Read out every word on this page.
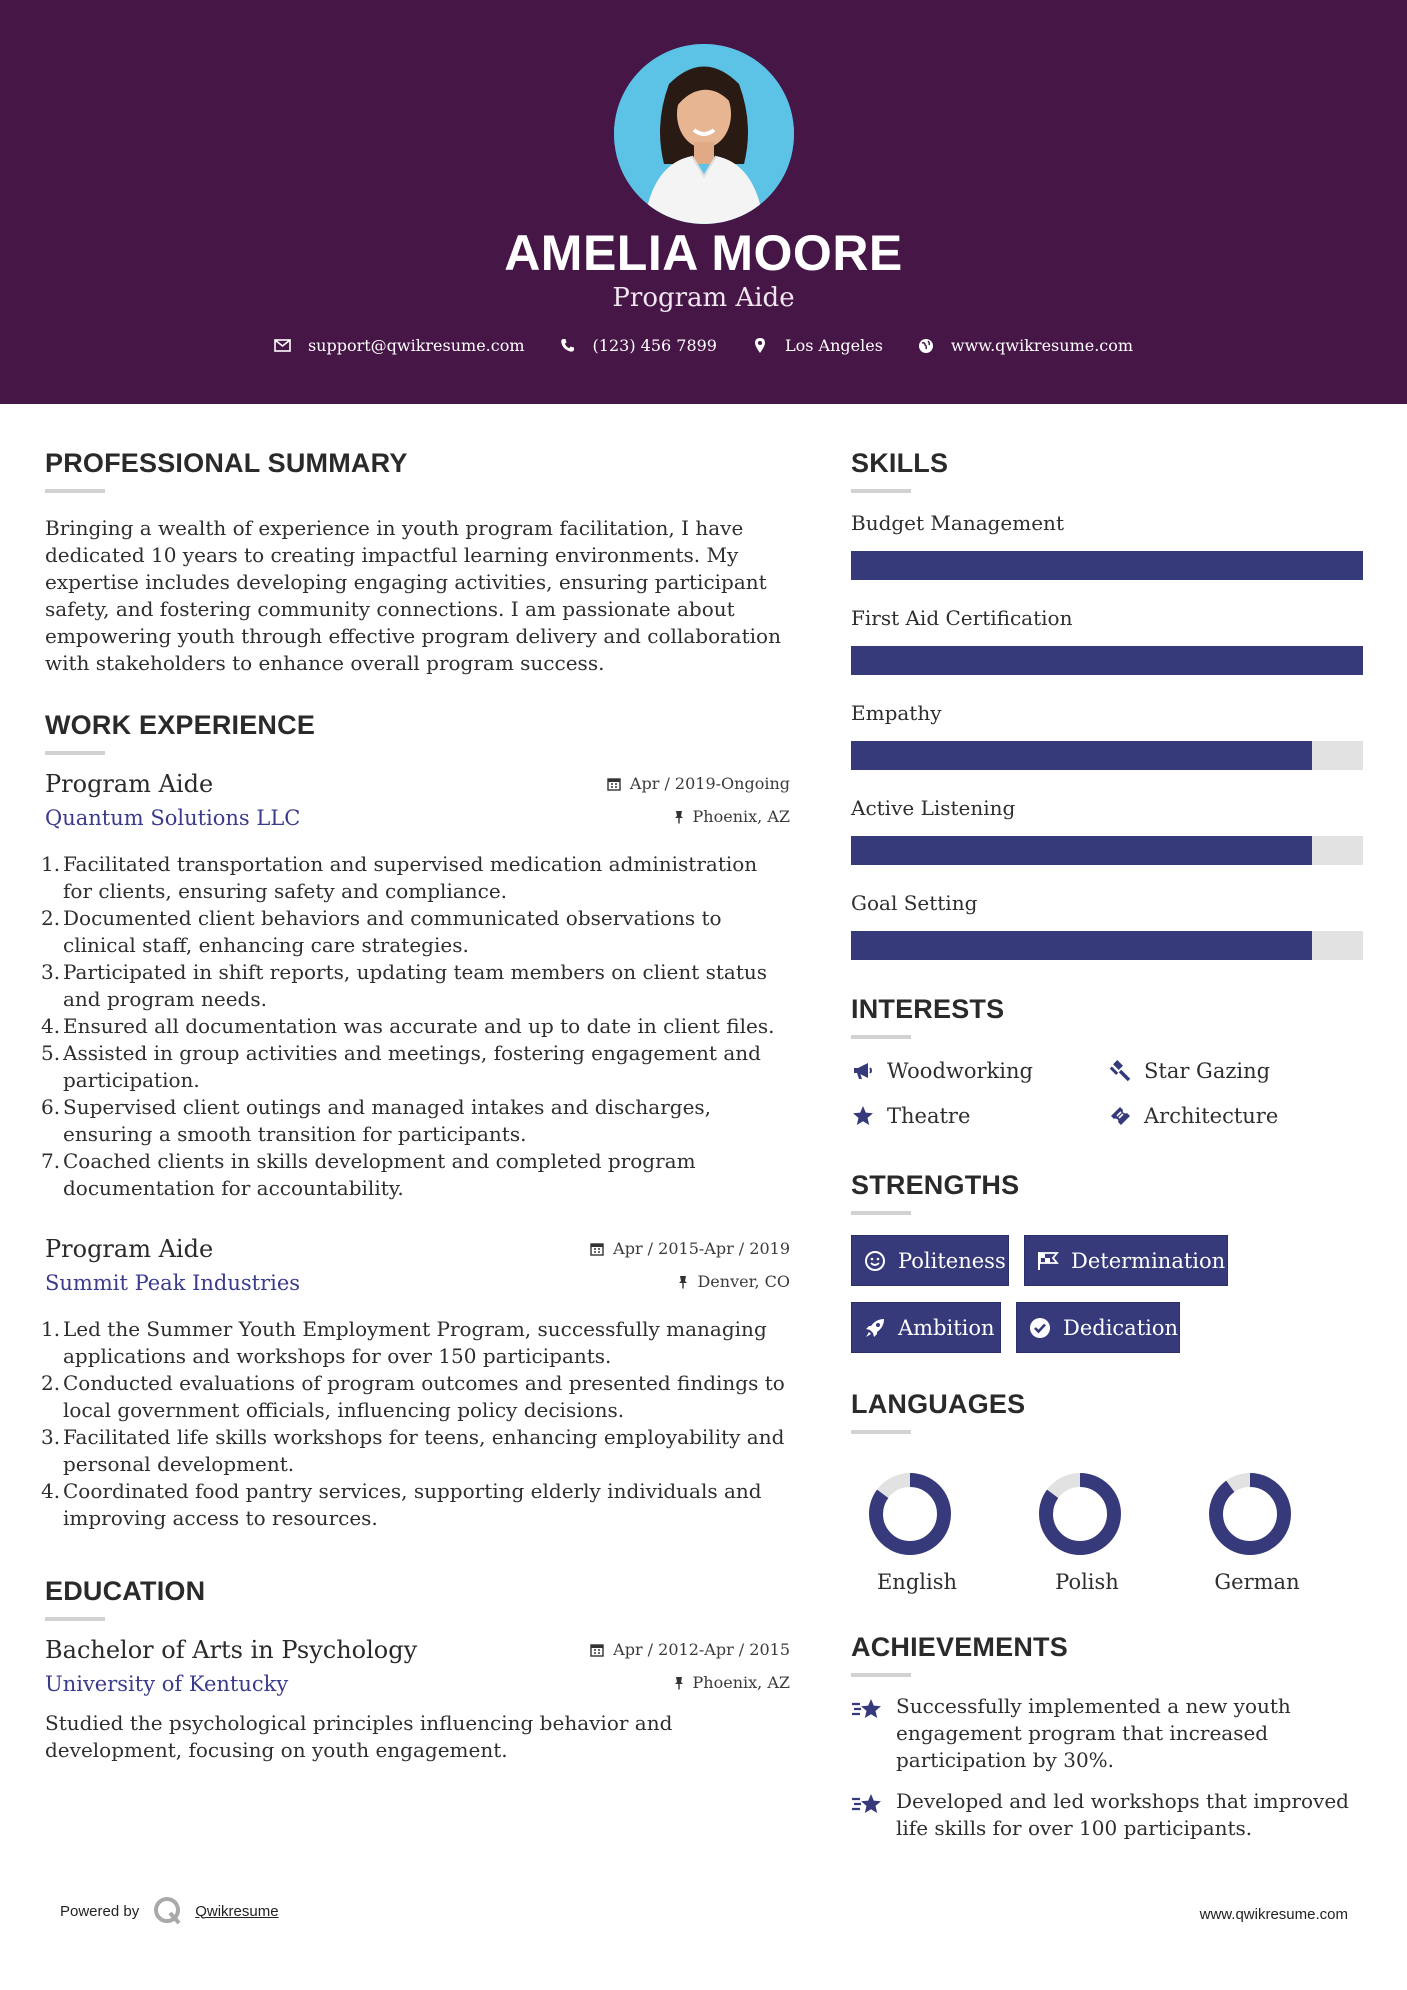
AMELIA MOORE
Program Aide
support@qwikresume.com	(123) 456 7899	Los Angeles	www.qwikresume.com
PROFESSIONAL SUMMARY

Bringing a wealth of experience in youth program facilitation, I have dedicated 10 years to creating impactful learning environments. My expertise includes developing engaging activities, ensuring participant safety, and fostering community connections. I am passionate about empowering youth through effective program delivery and collaboration with stakeholders to enhance overall program success.

WORK EXPERIENCE
Program Aide	Apr / 2019-Ongoing
Quantum Solutions LLC	Phoenix, AZ
Facilitated transportation and supervised medication administration for clients, ensuring safety and compliance.
Documented client behaviors and communicated observations to clinical staff, enhancing care strategies.
Participated in shift reports, updating team members on client status and program needs.
Ensured all documentation was accurate and up to date in client files.
Assisted in group activities and meetings, fostering engagement and participation.
Supervised client outings and managed intakes and discharges, ensuring a smooth transition for participants.
Coached clients in skills development and completed program documentation for accountability.
Program Aide	Apr / 2015-Apr / 2019
Summit Peak Industries	Denver, CO
Led the Summer Youth Employment Program, successfully managing applications and workshops for over 150 participants.
Conducted evaluations of program outcomes and presented findings to local government officials, influencing policy decisions.
Facilitated life skills workshops for teens, enhancing employability and personal development.
Coordinated food pantry services, supporting elderly individuals and improving access to resources.
EDUCATION
Bachelor of Arts in Psychology	Apr / 2012-Apr / 2015
University of Kentucky	Phoenix, AZ

Studied the psychological principles influencing behavior and development, focusing on youth engagement.

SKILLS
Budget Management
First Aid Certification
Empathy
Active Listening
Goal Setting
INTERESTS
Woodworking	Star Gazing
Theatre	Architecture
STRENGTHS
Politeness	Determination
Ambition	Dedication
LANGUAGES
English	Polish	German
ACHIEVEMENTS
Successfully implemented a new youth engagement program that increased participation by 30%.
Developed and led workshops that improved life skills for over 100 participants.
Powered by	Qwikresume	www.qwikresume.com
